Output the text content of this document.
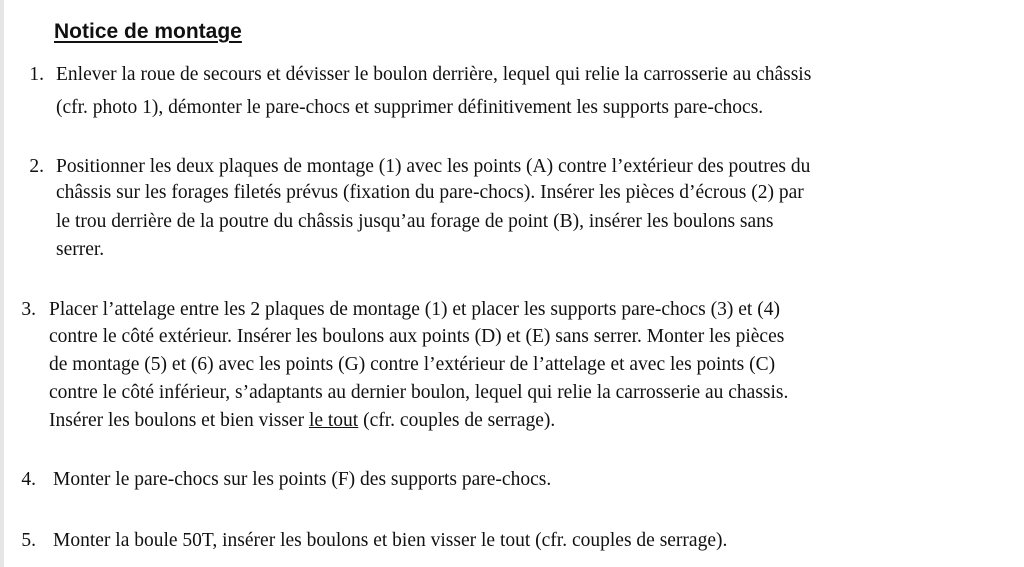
Notice de montage
1. Enlever la roue de secours et dévisser le boulon derrière, lequel qui relie la carrosserie au châssis
(cfr. photo 1), démonter le pare-chocs et supprimer définitivement les supports pare-chocs.
2. Positionner les deux plaques de montage (1) avec les points (A) contre l’extérieur des poutres du
châssis sur les forages filetés prévus (fixation du pare-chocs). Insérer les pièces d’écrous (2) par
le trou derrière de la poutre du châssis jusqu’au forage de point (B), insérer les boulons sans
serrer.
3. Placer l’attelage entre les 2 plaques de montage (1) et placer les supports pare-chocs (3) et (4)
contre le côté extérieur. Insérer les boulons aux points (D) et (E) sans serrer. Monter les pièces
de montage (5) et (6) avec les points (G) contre l’extérieur de l’attelage et avec les points (C)
contre le côté inférieur, s’adaptants au dernier boulon, lequel qui relie la carrosserie au chassis.
Insérer les boulons et bien visser le tout (cfr. couples de serrage).
4. Monter le pare-chocs sur les points (F) des supports pare-chocs.
5. Monter la boule 50T, insérer les boulons et bien visser le tout (cfr. couples de serrage).
